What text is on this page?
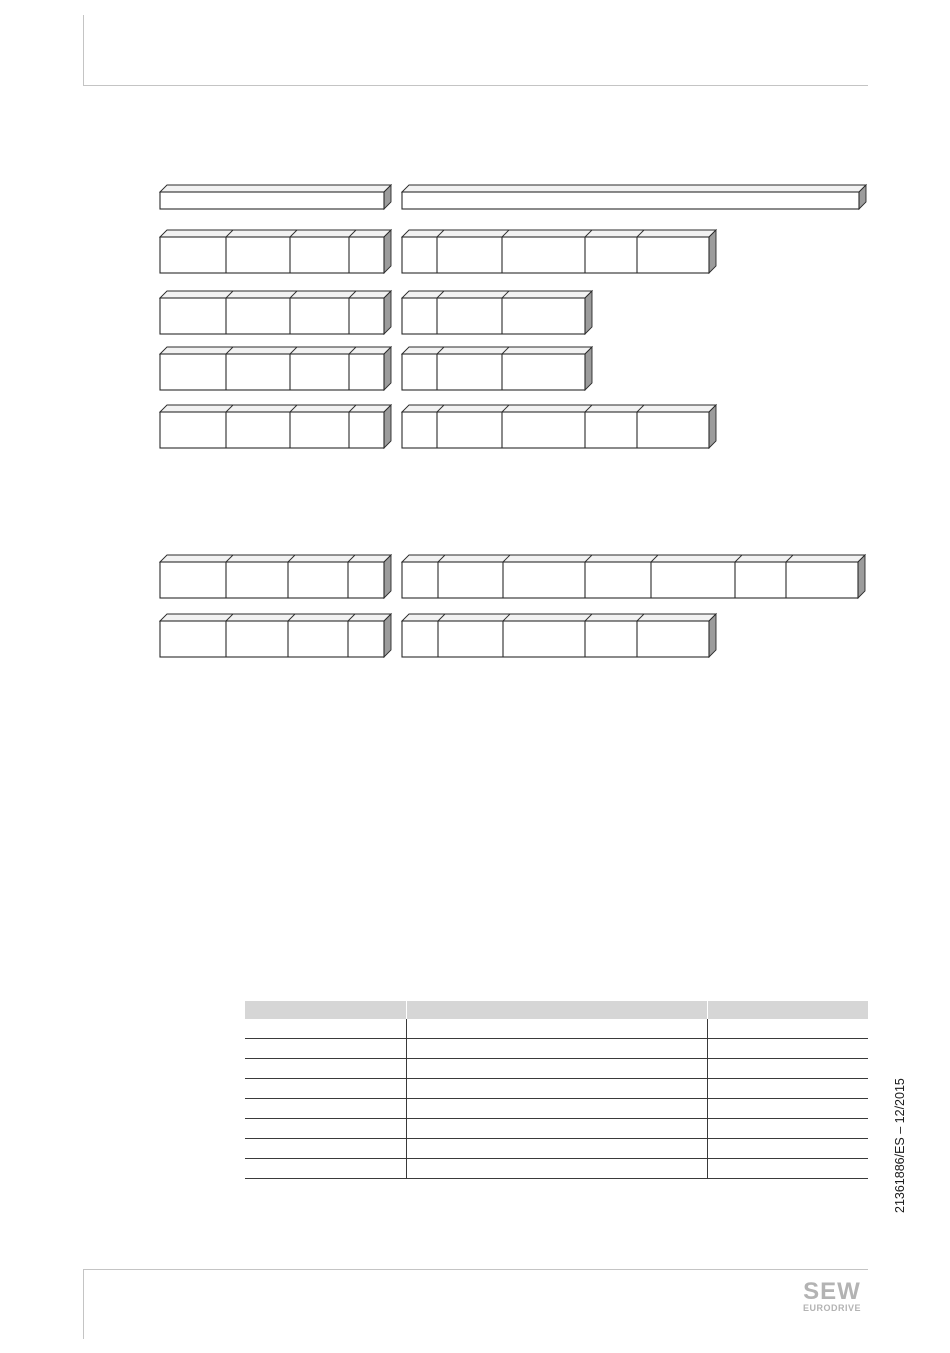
21361886/ES – 12/2015
SEW
EURODRIVE
